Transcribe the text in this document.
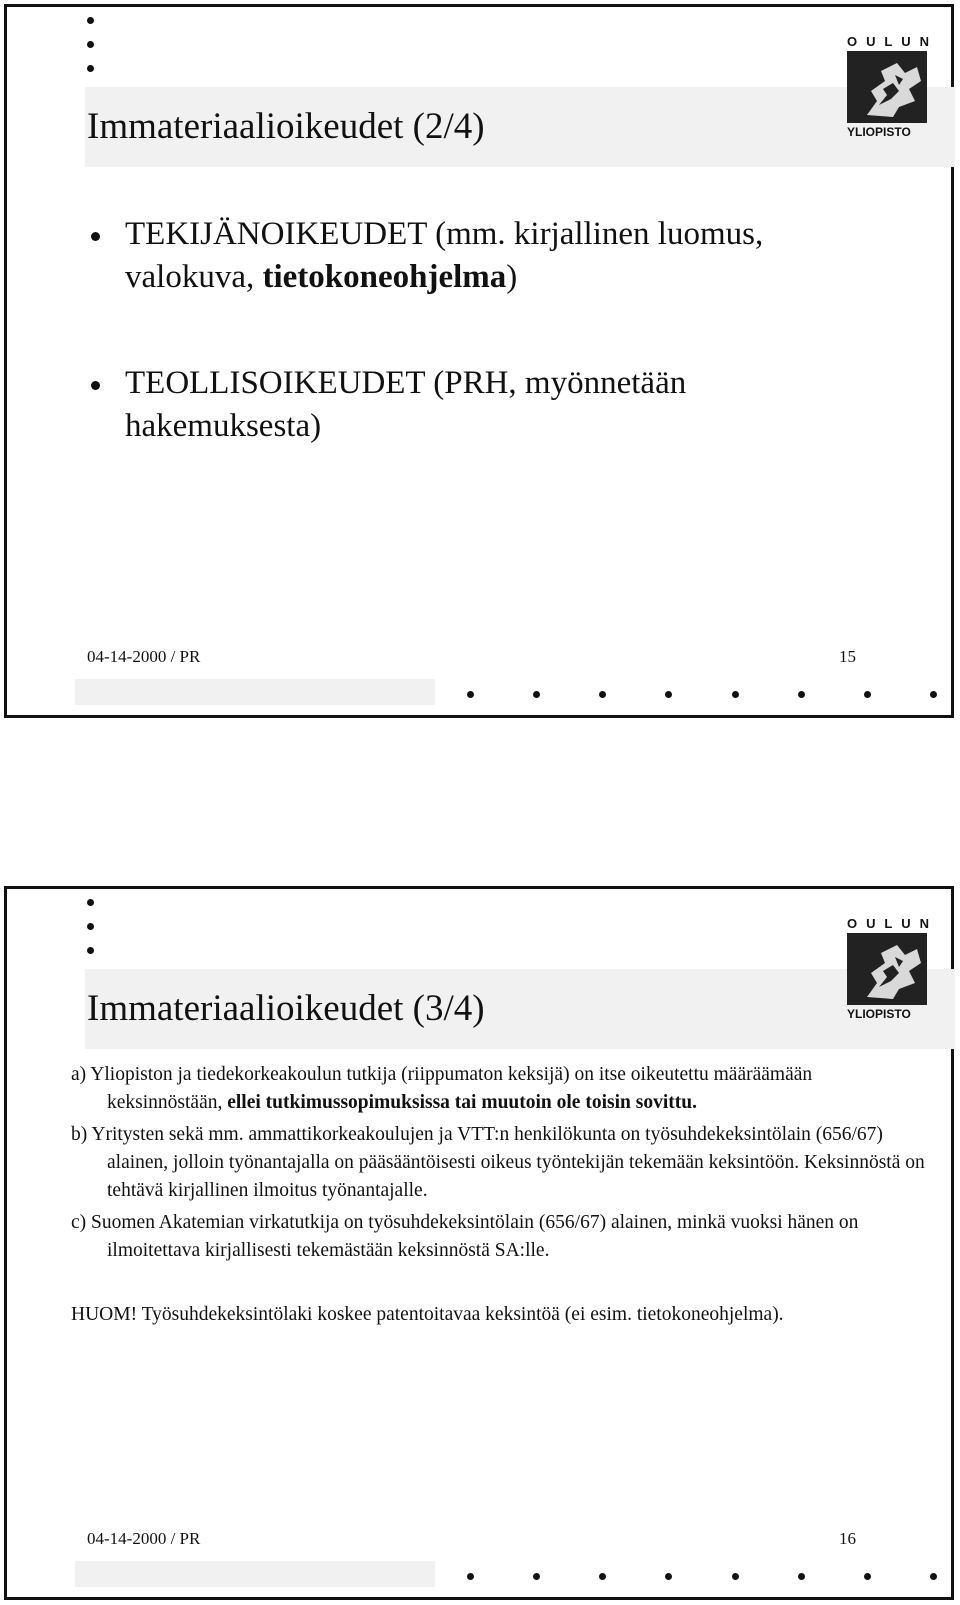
Immateriaalioikeudet (2/4)
O U L U N
YLIOPISTO
TEKIJÄNOIKEUDET (mm. kirjallinen luomus, valokuva, tietokoneohjelma)
TEOLLISOIKEUDET (PRH, myönnetään hakemuksesta)
04-14-2000 / PR	15
Immateriaalioikeudet (3/4)
O U L U N
YLIOPISTO

a) Yliopiston ja tiedekorkeakoulun tutkija (riippumaton keksijä) on itse oikeutettu määräämään keksinnöstään, ellei tutkimussopimuksissa tai muutoin ole toisin sovittu.

b) Yritysten sekä mm. ammattikorkeakoulujen ja VTT:n henkilökunta on työsuhdekeksintölain (656/67) alainen, jolloin työnantajalla on pääsääntöisesti oikeus työntekijän tekemään keksintöön. Keksinnöstä on tehtävä kirjallinen ilmoitus työnantajalle.

c) Suomen Akatemian virkatutkija on työsuhdekeksintölain (656/67) alainen, minkä vuoksi hänen on ilmoitettava kirjallisesti tekemästään keksinnöstä SA:lle.

HUOM! Työsuhdekeksintölaki koskee patentoitavaa keksintöä (ei esim. tietokoneohjelma).

04-14-2000 / PR	16
